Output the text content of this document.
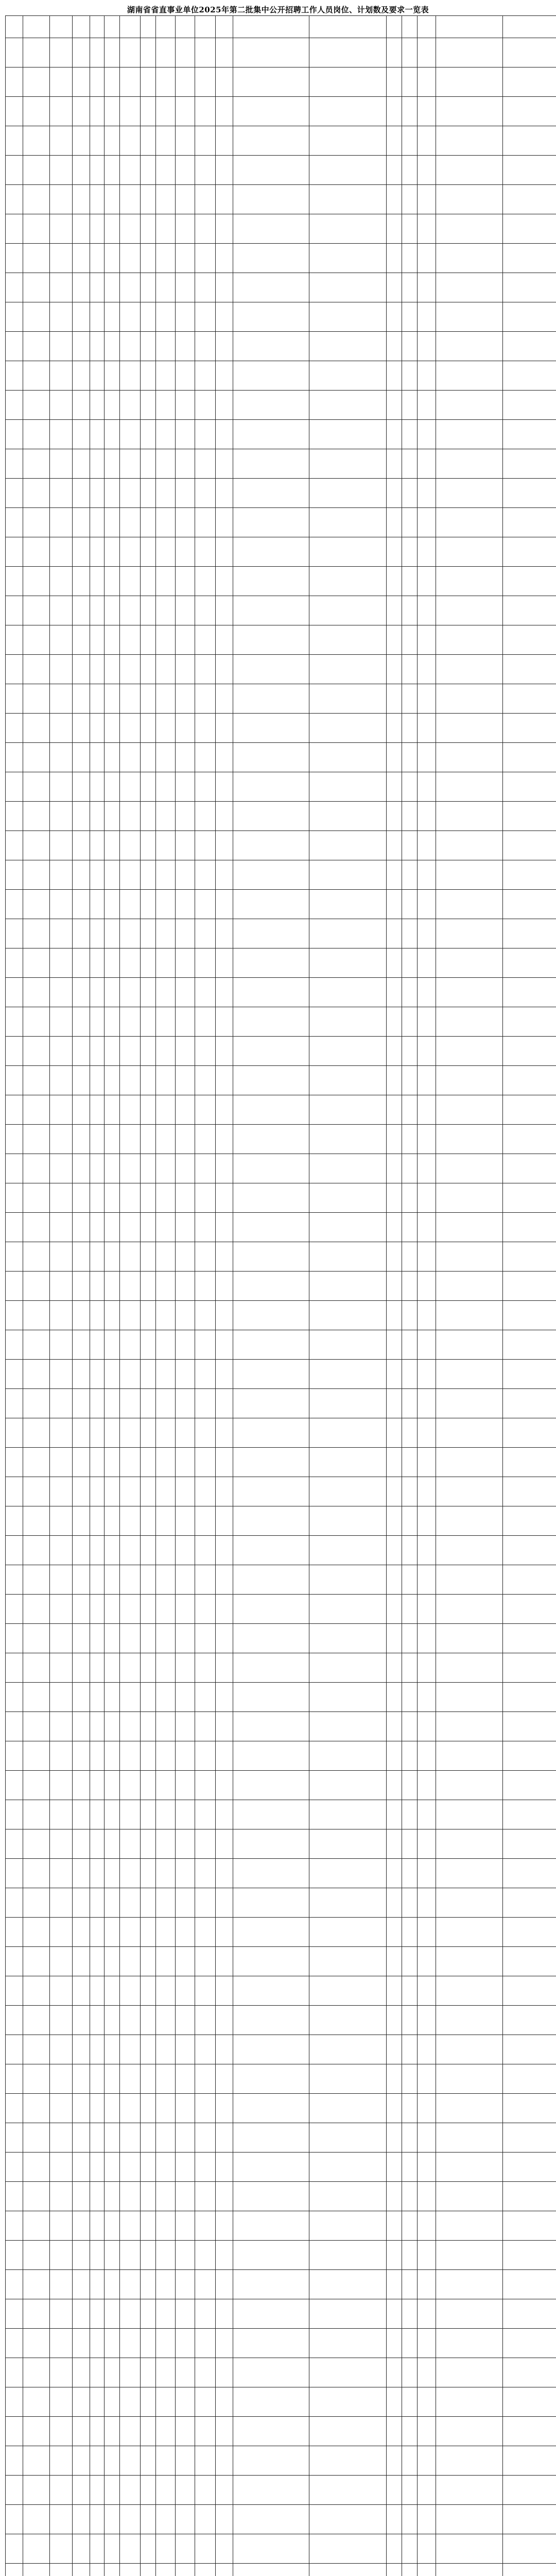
湖南省省直事业单位2025年第二批集中公开招聘工作人员岗位、计划数及要求一览表
